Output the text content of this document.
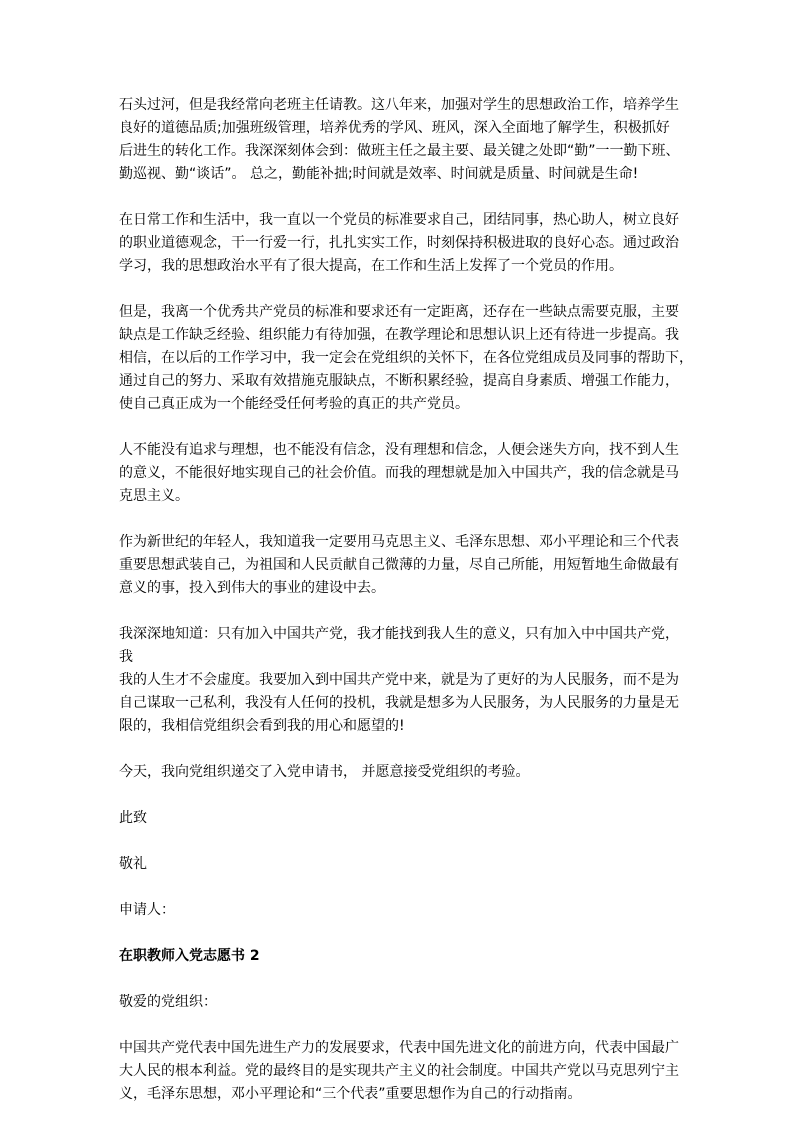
石头过河，但是我经常向老班主任请教。这八年来，加强对学生的思想政治工作，培养学生
良好的道德品质;加强班级管理，培养优秀的学风、班风，深入全面地了解学生，积极抓好
后进生的转化工作。我深深刻体会到：做班主任之最主要、最关键之处即“勤”一一勤下班、
勤巡视、勤“谈话”。 总之，勤能补拙;时间就是效率、时间就是质量、时间就是生命!

在日常工作和生活中，我一直以一个党员的标准要求自己，团结同事，热心助人，树立良好
的职业道德观念，干一行爱一行，扎扎实实工作，时刻保持积极进取的良好心态。通过政治
学习，我的思想政治水平有了很大提高，在工作和生活上发挥了一个党员的作用。

但是，我离一个优秀共产党员的标准和要求还有一定距离，还存在一些缺点需要克服，主要
缺点是工作缺乏经验、组织能力有待加强，在教学理论和思想认识上还有待进一步提高。我
相信，在以后的工作学习中，我一定会在党组织的关怀下，在各位党组成员及同事的帮助下，
通过自己的努力、采取有效措施克服缺点，不断积累经验，提高自身素质、增强工作能力，
使自己真正成为一个能经受任何考验的真正的共产党员。

人不能没有追求与理想，也不能没有信念，没有理想和信念，人便会迷失方向，找不到人生
的意义，不能很好地实现自己的社会价值。而我的理想就是加入中国共产，我的信念就是马
克思主义。

作为新世纪的年轻人，我知道我一定要用马克思主义、毛泽东思想、邓小平理论和三个代表
重要思想武装自己，为祖国和人民贡献自己微薄的力量，尽自己所能，用短暂地生命做最有
意义的事，投入到伟大的事业的建设中去。

我深深地知道：只有加入中国共产党，我才能找到我人生的意义，只有加入中中国共产党，
我
我的人生才不会虚度。我要加入到中国共产党中来，就是为了更好的为人民服务，而不是为
自己谋取一己私利，我没有人任何的投机，我就是想多为人民服务，为人民服务的力量是无
限的，我相信党组织会看到我的用心和愿望的!

今天，我向党组织递交了入党申请书， 并愿意接受党组织的考验。

此致

敬礼

申请人：

在职教师入党志愿书 2

敬爱的党组织：

中国共产党代表中国先进生产力的发展要求，代表中国先进文化的前进方向，代表中国最广
大人民的根本利益。党的最终目的是实现共产主义的社会制度。中国共产党以马克思列宁主
义，毛泽东思想，邓小平理论和“三个代表”重要思想作为自己的行动指南。
